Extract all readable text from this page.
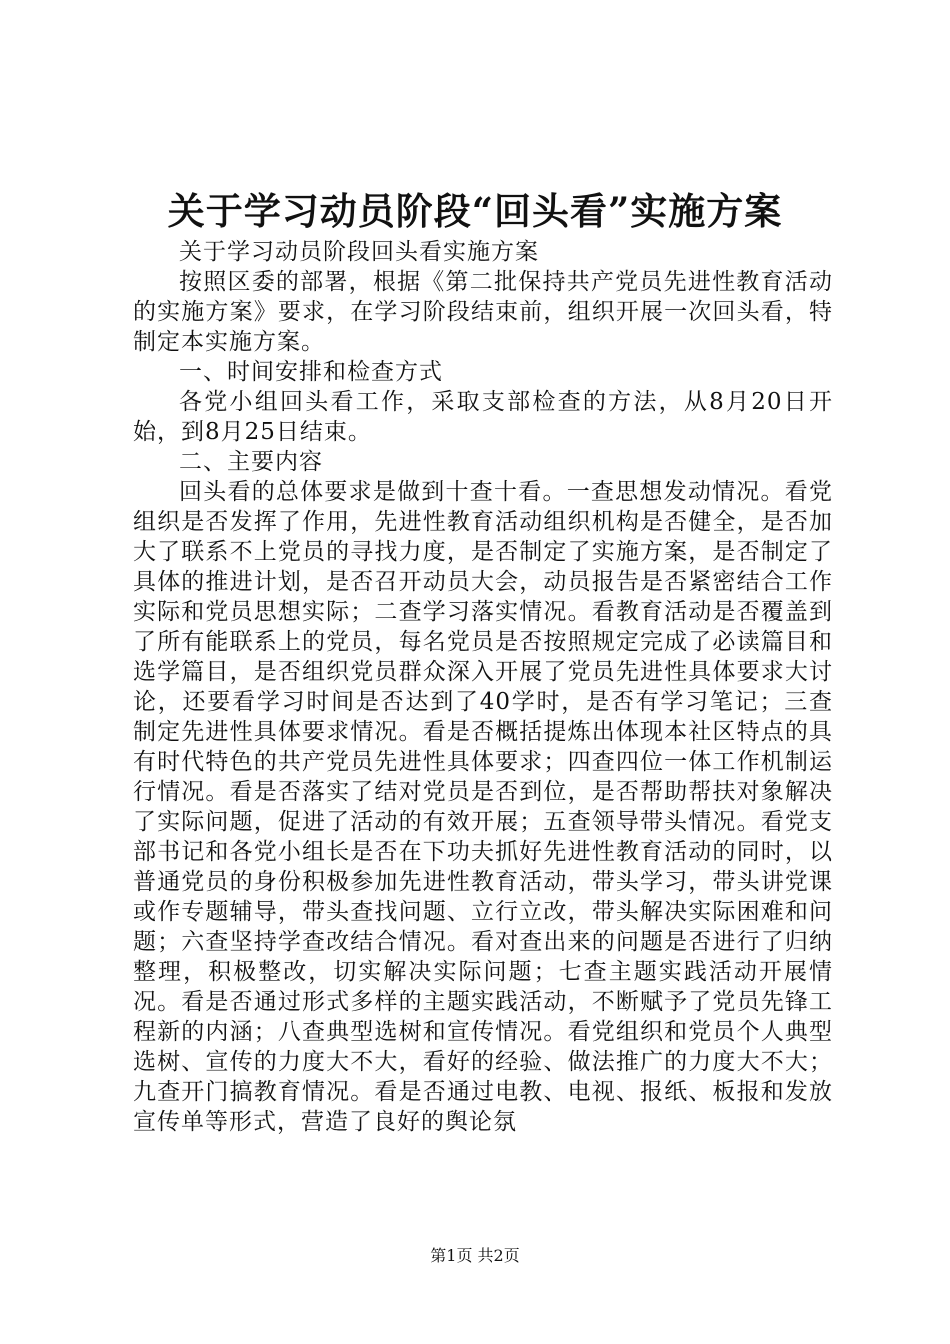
关于学习动员阶段“回头看”实施方案

关于学习动员阶段回头看实施方案

按照区委的部署，根据《第二批保持共产党员先进性教育活动的实施方案》要求，在学习阶段结束前，组织开展一次回头看，特制定本实施方案。

一、时间安排和检查方式

各党小组回头看工作，采取支部检查的方法，从8月20日开始，到8月25日结束。

二、主要内容

回头看的总体要求是做到十查十看。一查思想发动情况。看党组织是否发挥了作用，先进性教育活动组织机构是否健全，是否加大了联系不上党员的寻找力度，是否制定了实施方案，是否制定了具体的推进计划，是否召开动员大会，动员报告是否紧密结合工作实际和党员思想实际；二查学习落实情况。看教育活动是否覆盖到了所有能联系上的党员，每名党员是否按照规定完成了必读篇目和选学篇目，是否组织党员群众深入开展了党员先进性具体要求大讨论，还要看学习时间是否达到了40学时，是否有学习笔记；三查制定先进性具体要求情况。看是否概括提炼出体现本社区特点的具有时代特色的共产党员先进性具体要求；四查四位一体工作机制运行情况。看是否落实了结对党员是否到位，是否帮助帮扶对象解决了实际问题，促进了活动的有效开展；五查领导带头情况。看党支部书记和各党小组长是否在下功夫抓好先进性教育活动的同时，以普通党员的身份积极参加先进性教育活动，带头学习，带头讲党课或作专题辅导，带头查找问题、立行立改，带头解决实际困难和问题；六查坚持学查改结合情况。看对查出来的问题是否进行了归纳整理，积极整改，切实解决实际问题；七查主题实践活动开展情况。看是否通过形式多样的主题实践活动，不断赋予了党员先锋工程新的内涵；八查典型选树和宣传情况。看党组织和党员个人典型选树、宣传的力度大不大，看好的经验、做法推广的力度大不大；九查开门搞教育情况。看是否通过电教、电视、报纸、板报和发放宣传单等形式，营造了良好的舆论氛

第1页 共2页
